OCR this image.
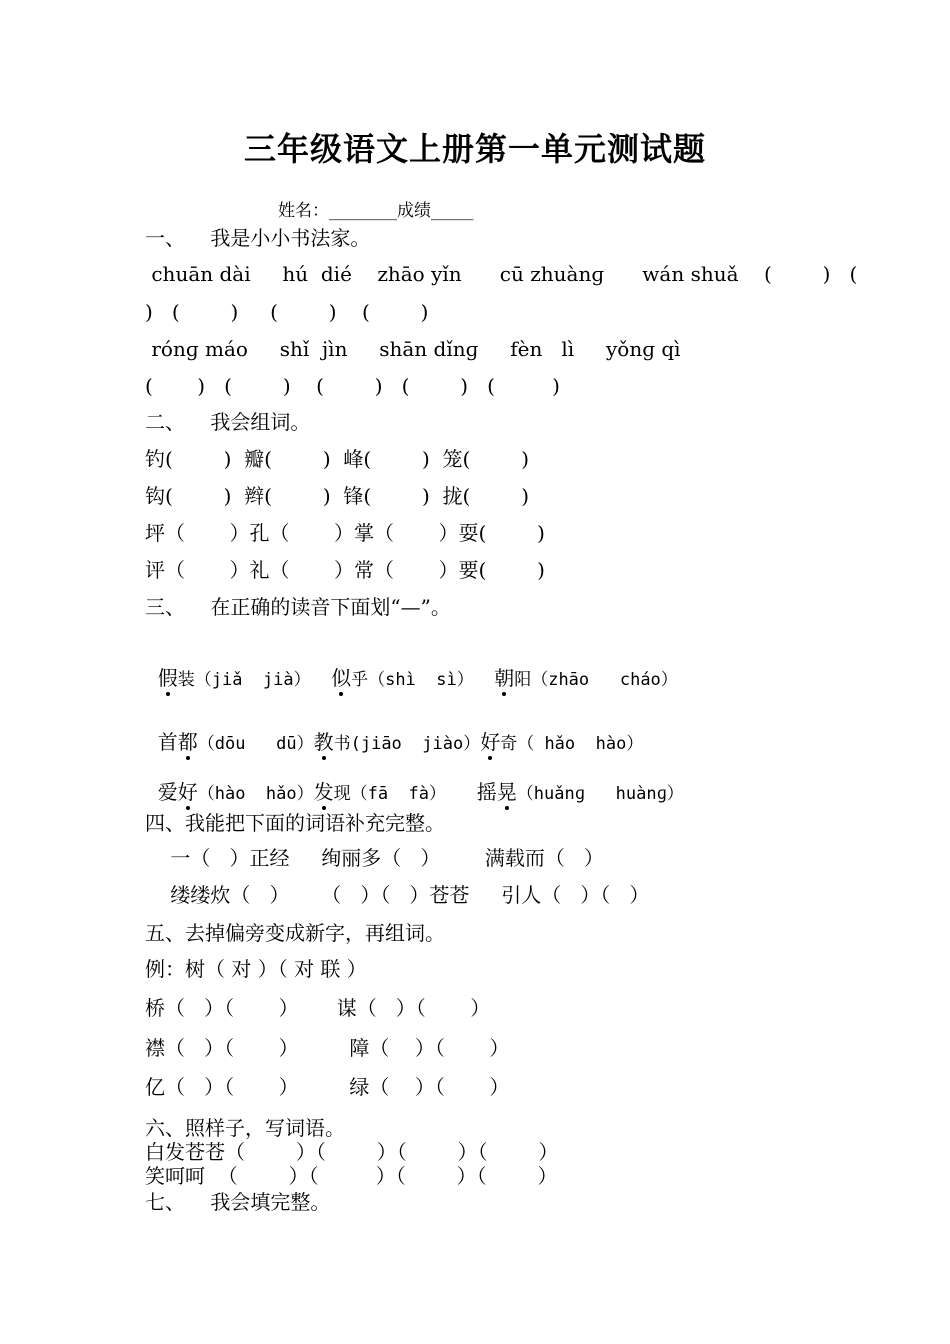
三年级语文上册第一单元测试题
姓名：________成绩_____
一、    我是小小书法家。
chuān dài     hú  dié    zhāo yǐn      cū zhuànɡ      wán shuǎ    (        )   (
)   (        )     (        )    (        )
rónɡ máo     shǐ  jìn     shān dǐnɡ     fèn   lì     yǒnɡ qì
(       )   (        )    (        )   (        )   (         )
二、    我会组词。
钓(        )  瓣(        )  峰(        )  笼(        )
钩(        )  辫(        )  锋(        )  拢(        )
坪（       ）孔（       ）掌（       ）耍(        )
评（       ）礼（       ）常（       ）要(        )
三、    在正确的读音下面划“—”。

假装（jiǎ  jià）  似乎（shì  sì）  朝阳（zhāo   cháo）

首都（dōu   dū）教书(jiāo  jiào）好奇（ hǎo  hào）

爱好（hào  hǎo）发现（fā  fà）   摇晃（huǎnɡ   huànɡ）

四、我能把下面的词语补充完整。
一（   ）正经     绚丽多（   ）       满载而（   ）
缕缕炊（   ）     （   ）（   ）苍苍     引人（   ）（   ）
五、去掉偏旁变成新字，再组词。
例：树（ 对 ）（ 对 联 ）
桥（   ）（       ）      谋（   ）（       ）
襟（   ）（       ）        障（    ）（       ）
亿（   ）（       ）        绿（    ）（       ）
六、照样子，写词语。
白发苍苍（        ）（        ）（        ）（        ）
笑呵呵  （        ）（         ）（        ）（        ）
七、    我会填完整。
